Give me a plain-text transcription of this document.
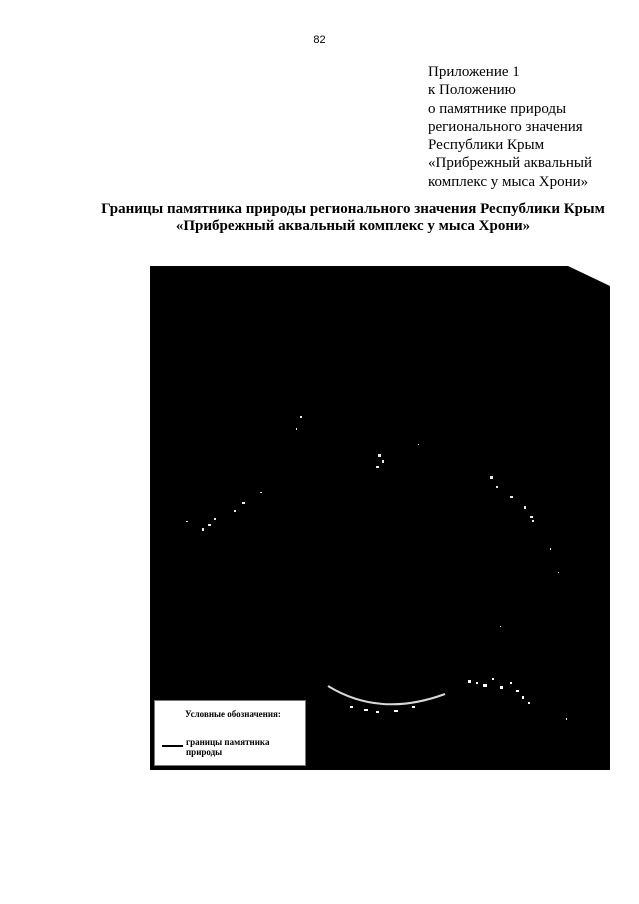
82
Приложение 1
к Положению
о памятнике природы
регионального значения
Республики Крым
«Прибрежный аквальный
комплекс у мыса Хрони»
Границы памятника природы регионального значения Республики Крым
«Прибрежный аквальный комплекс у мыса Хрони»
Условные обозначения:
границы памятника природы
